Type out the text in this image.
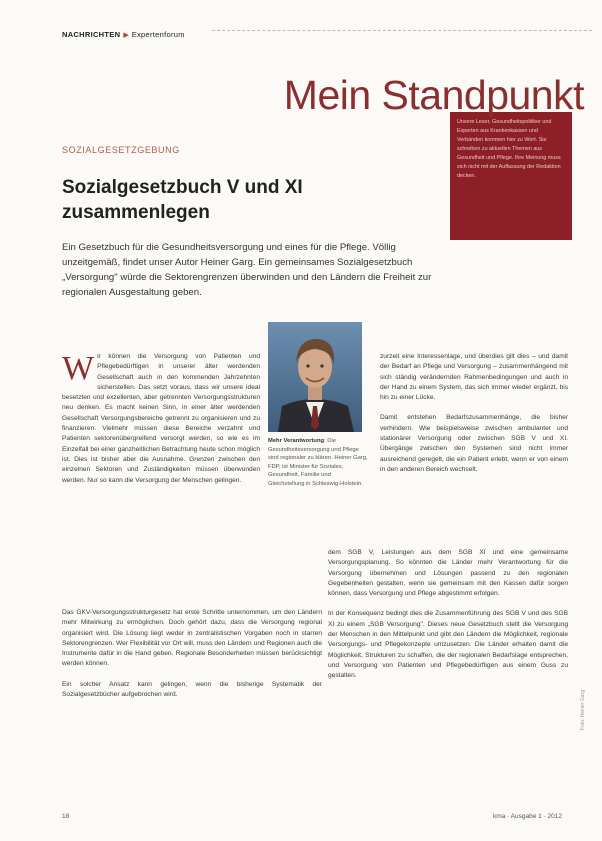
NACHRICHTEN ▶ Expertenforum
Unsere Leser, Gesundheitspolitiker und Experten aus Krankenkassen und Verbänden kommen hier zu Wort. Sie schreiben zu aktuellen Themen aus Gesundheit und Pflege. Ihre Meinung muss sich nicht mit der Auffassung der Redaktion decken.
Mein Standpunkt
SOZIALGESETZGEBUNG
Sozialgesetzbuch V und XI zusammenlegen
Ein Gesetzbuch für die Gesundheitsversorgung und eines für die Pflege. Völlig unzeitgemäß, findet unser Autor Heiner Garg. Ein gemeinsames Sozialgesetzbuch „Versorgung" würde die Sektorengrenzen überwinden und den Ländern die Freiheit zur regionalen Ausgestaltung geben.
Mehr Verantwortung: Die Gesundheitsversorgung und Pflege sind regionaler zu klären. Heiner Garg, FDP, ist Minister für Soziales, Gesundheit, Familie und Gleichstellung in Schleswig-Holstein.

Wir können die Versorgung von Patienten und Pflegebedürftigen in unserer älter werdenden Gesellschaft auch in den kommenden Jahrzehnten sicherstellen. Das setzt voraus, dass wir unsere ideal besetzten und exzellenten, aber getrennten Versorgungsstrukturen neu denken. Es macht keinen Sinn, in einer älter werdenden Gesellschaft Versorgungsbereiche getrennt zu organisieren und zu finanzieren. Vielmehr müssen diese Bereiche verzahnt und Patienten sektorenübergreifend versorgt werden, so wie es im Einzelfall bei einer ganzheitlichen Betrachtung heute schon möglich ist. Dies ist bisher aber die Ausnahme. Grenzen zwischen den einzelnen Sektoren und Zuständigkeiten müssen überwunden werden. Nur so kann die Versorgung der Menschen gelingen.

Das GKV-Versorgungsstrukturgesetz hat erste Schritte unternommen, um den Ländern mehr Mitwirkung zu ermöglichen. Doch gehört dazu, dass die Versorgung regional organisiert wird. Die Lösung liegt weder in zentralistischen Vorgaben noch in starren Sektorengrenzen. Wer Flexibilität vor Ort will, muss den Ländern und Regionen auch die Instrumente dafür in die Hand geben. Regionale Besonderheiten müssen berücksichtigt werden können.

Ein solcher Ansatz kann gelingen, wenn die bisherige Systematik der Sozialgesetzbücher aufgebrochen wird.

zurzeit eine Interessenlage, und überdies gilt dies – und damit der Bedarf an Pflege und Versorgung – zusammenhängend mit sich ständig verändernden Rahmenbedingungen und auch in der Hand zu einem System, das sich immer wieder ergänzt, bis hin zu einer Lücke.

Damit entstehen Bedarfszusammenhänge, die bisher verhindern. Wie beispielsweise zwischen ambulanter und stationärer Versorgung oder zwischen SGB V und XI. Übergänge zwischen den Systemen sind nicht immer ausreichend geregelt, die ein Patient erlebt, wenn er von einem in den anderen Bereich wechselt.

dem SGB V, Leistungen aus dem SGB XI und eine gemeinsame Versorgungsplanung. So könnten die Länder mehr Verantwortung für die Versorgung übernehmen und Lösungen passend zu den regionalen Gegebenheiten gestalten, wenn sie gemeinsam mit den Kassen dafür sorgen können, dass Versorgung und Pflege abgestimmt erfolgen.

In der Konsequenz bedingt dies die Zusammenführung des SGB V und des SGB XI zu einem „SGB Versorgung". Dieses neue Gesetzbuch stellt die Versorgung der Menschen in den Mittelpunkt und gibt den Ländern die Möglichkeit, regionale Versorgungs- und Pflegekonzepte umzusetzen. Die Länder erhalten damit die Möglichkeit, Strukturen zu schaffen, die der regionalen Bedarfslage entsprechen, und Versorgung von Patienten und Pflegebedürftigen aus einem Guss zu gestalten.

Foto: Heiner Garg
18	kma · Ausgabe 1 · 2012
